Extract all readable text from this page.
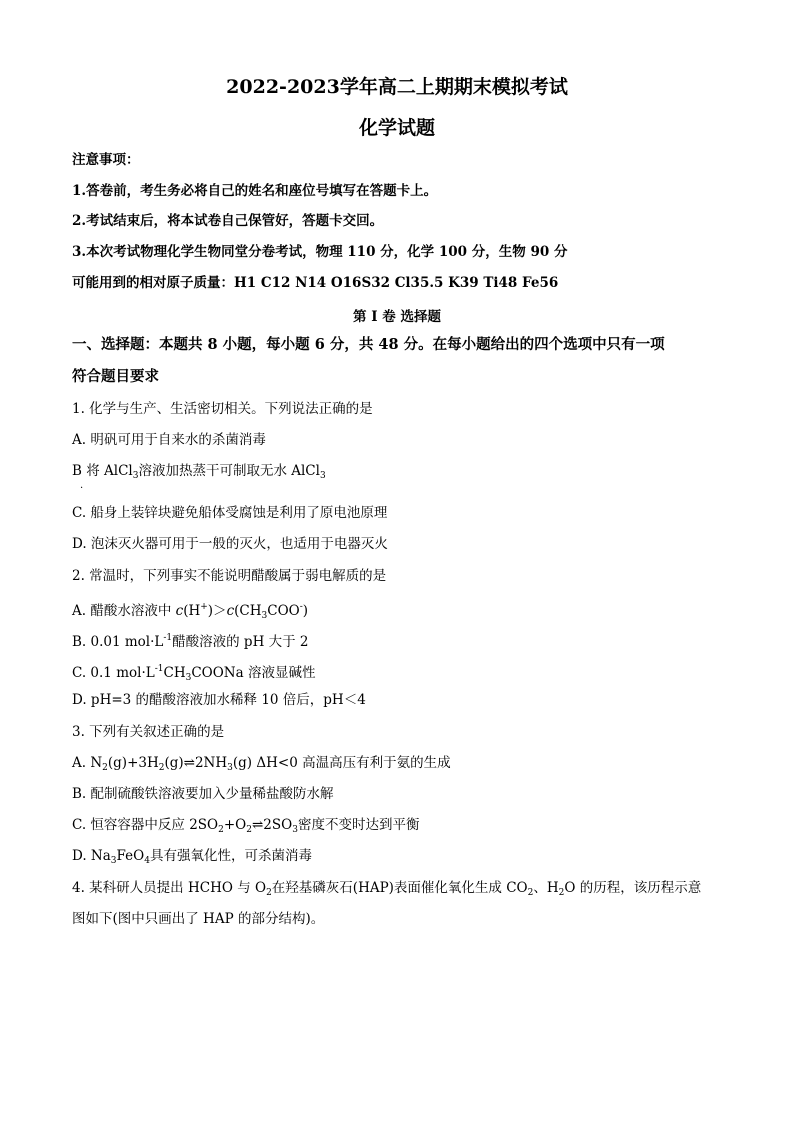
2022-2023学年高二上期期末模拟考试
化学试题
注意事项：
1.答卷前，考生务必将自己的姓名和座位号填写在答题卡上。
2.考试结束后，将本试卷自己保管好，答题卡交回。
3.本次考试物理化学生物同堂分卷考试，物理 110 分，化学 100 分，生物 90 分
可能用到的相对原子质量：H1 C12 N14 O16S32 Cl35.5 K39 Ti48 Fe56
第 I 卷 选择题
一、选择题：本题共 8 小题，每小题 6 分，共 48 分。在每小题给出的四个选项中只有一项
符合题目要求
1. 化学与生产、生活密切相关。下列说法正确的是
A. 明矾可用于自来水的杀菌消毒
B 将 AlCl$_3$溶液加热蒸干可制取无水 AlCl$_3$
.
C. 船身上装锌块避免船体受腐蚀是利用了原电池原理
D. 泡沫灭火器可用于一般的灭火，也适用于电器灭火
2. 常温时，下列事实不能说明醋酸属于弱电解质的是
A. 醋酸水溶液中 $c(H^+)>c(CH_3COO^-)$
B. 0.01 $mol\cdot L^{-1}$醋酸溶液的 pH 大于 2
C. 0.1 $mol\cdot L^{-1}CH_3COONa$ 溶液显碱性
D. pH=3 的醋酸溶液加水稀释 10 倍后，pH＜4
3. 下列有关叙述正确的是
A. $N_2(g)+3H_2(g)\rightleftharpoons 2NH_3(g)$ ΔH<0 高温高压有利于氨的生成
B. 配制硫酸铁溶液要加入少量稀盐酸防水解
C. 恒容容器中反应 $2SO_2+O_2\rightleftharpoons 2SO_3$密度不变时达到平衡
D. $Na_3FeO_4$具有强氧化性，可杀菌消毒
4. 某科研人员提出 HCHO 与 $O_2$在羟基磷灰石(HAP)表面催化氧化生成 $CO_2$、$H_2O$ 的历程，该历程示意
图如下(图中只画出了 HAP 的部分结构)。
